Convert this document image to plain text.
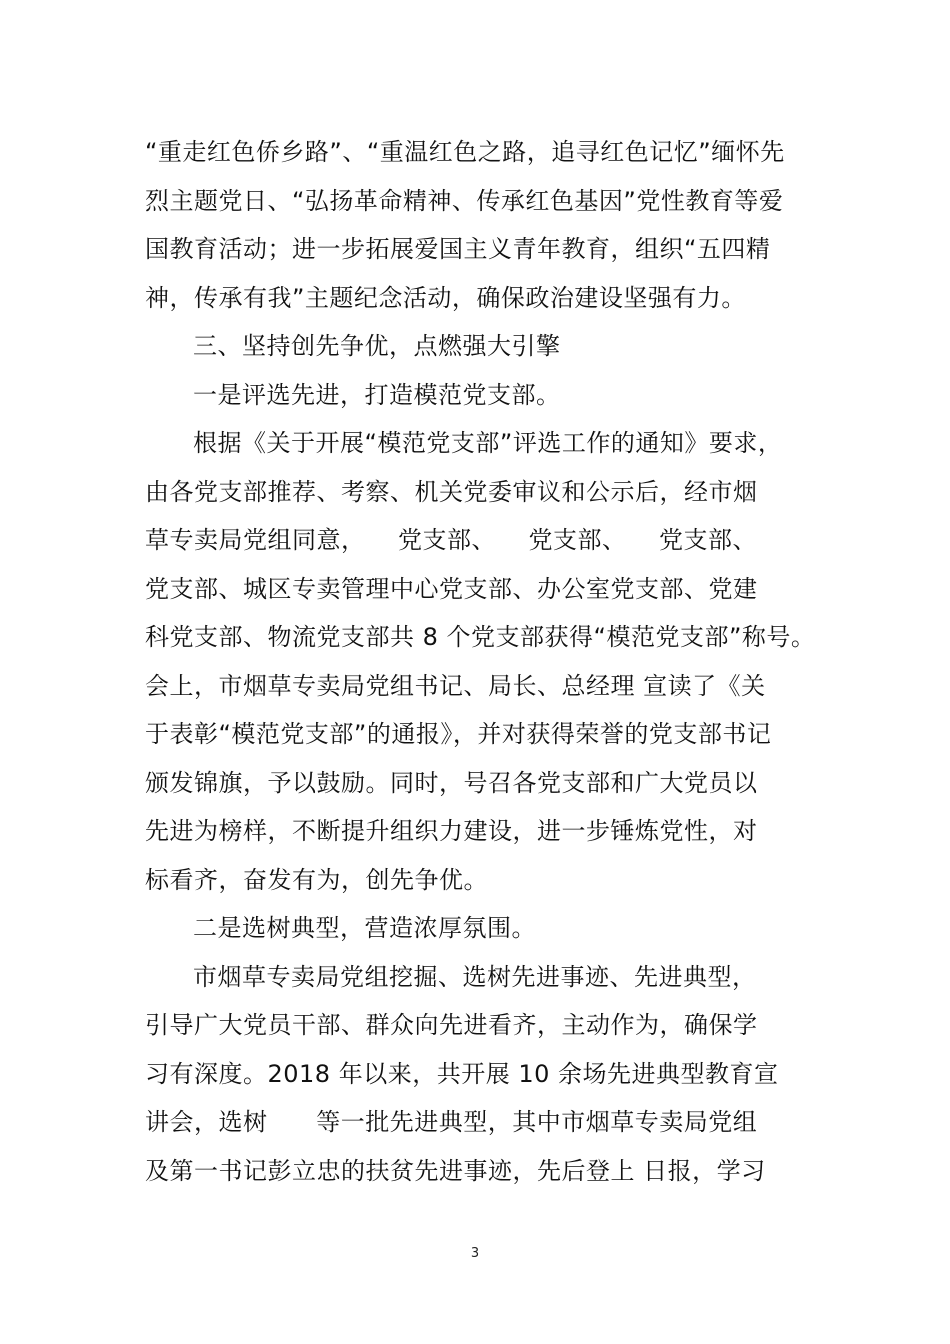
“重走红色侨乡路”、“重温红色之路，追寻红色记忆”缅怀先
烈主题党日、“弘扬革命精神、传承红色基因”党性教育等爱
国教育活动；进一步拓展爱国主义青年教育，组织“五四精
神，传承有我”主题纪念活动，确保政治建设坚强有力。
三、坚持创先争优，点燃强大引擎
一是评选先进，打造模范党支部。
根据《关于开展“模范党支部”评选工作的通知》要求，
由各党支部推荐、考察、机关党委审议和公示后，经市烟
草专卖局党组同意，    党支部、    党支部、    党支部、
党支部、城区专卖管理中心党支部、办公室党支部、党建
科党支部、物流党支部共 8 个党支部获得“模范党支部”称号。
会上，市烟草专卖局党组书记、局长、总经理 宣读了《关
于表彰“模范党支部”的通报》，并对获得荣誉的党支部书记
颁发锦旗，予以鼓励。同时，号召各党支部和广大党员以
先进为榜样，不断提升组织力建设，进一步锤炼党性，对
标看齐，奋发有为，创先争优。
二是选树典型，营造浓厚氛围。
市烟草专卖局党组挖掘、选树先进事迹、先进典型，
引导广大党员干部、群众向先进看齐，主动作为，确保学
习有深度。2018 年以来，共开展 10 余场先进典型教育宣
讲会，选树      等一批先进典型，其中市烟草专卖局党组
及第一书记彭立忠的扶贫先进事迹，先后登上 日报，学习
3
